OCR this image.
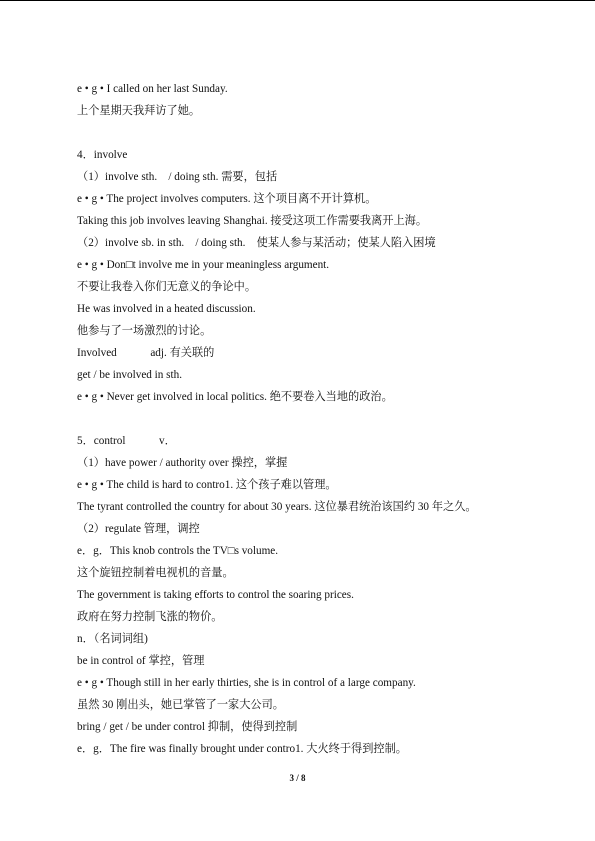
e • g • I called on her last Sunday.
上个星期天我拜访了她。
4．involve
（1）involve sth.　/ doing sth. 需要，包括
e • g • The project involves computers. 这个项目离不开计算机。
Taking this job involves leaving Shanghai. 接受这项工作需要我离开上海。
（2）involve sb. in sth.　/ doing sth.　使某人参与某活动；使某人陷入困境
e • g • Don□t involve me in your meaningless argument.
不要让我卷入你们无意义的争论中。
He was involved in a heated discussion.
他参与了一场激烈的讨论。
Involved　　　adj. 有关联的
get / be involved in sth.
e • g • Never get involved in local politics. 绝不要卷入当地的政治。
5．control　　　v．
（1）have power / authority over 操控，掌握
e • g • The child is hard to contro1. 这个孩子难以管理。
The tyrant controlled the country for about 30 years. 这位暴君统治该国约 30 年之久。
（2）regulate 管理，调控
e．g．This knob controls the TV□s volume.
这个旋钮控制着电视机的音量。
The government is taking efforts to control the soaring prices.
政府在努力控制飞涨的物价。
n．（名词词组)
be in control of 掌控，管理
e • g • Though still in her early thirties, she is in control of a large company.
虽然 30 刚出头，她已掌管了一家大公司。
bring / get / be under control 抑制，使得到控制
e．g．The fire was finally brought under contro1. 大火终于得到控制。
3 / 8
